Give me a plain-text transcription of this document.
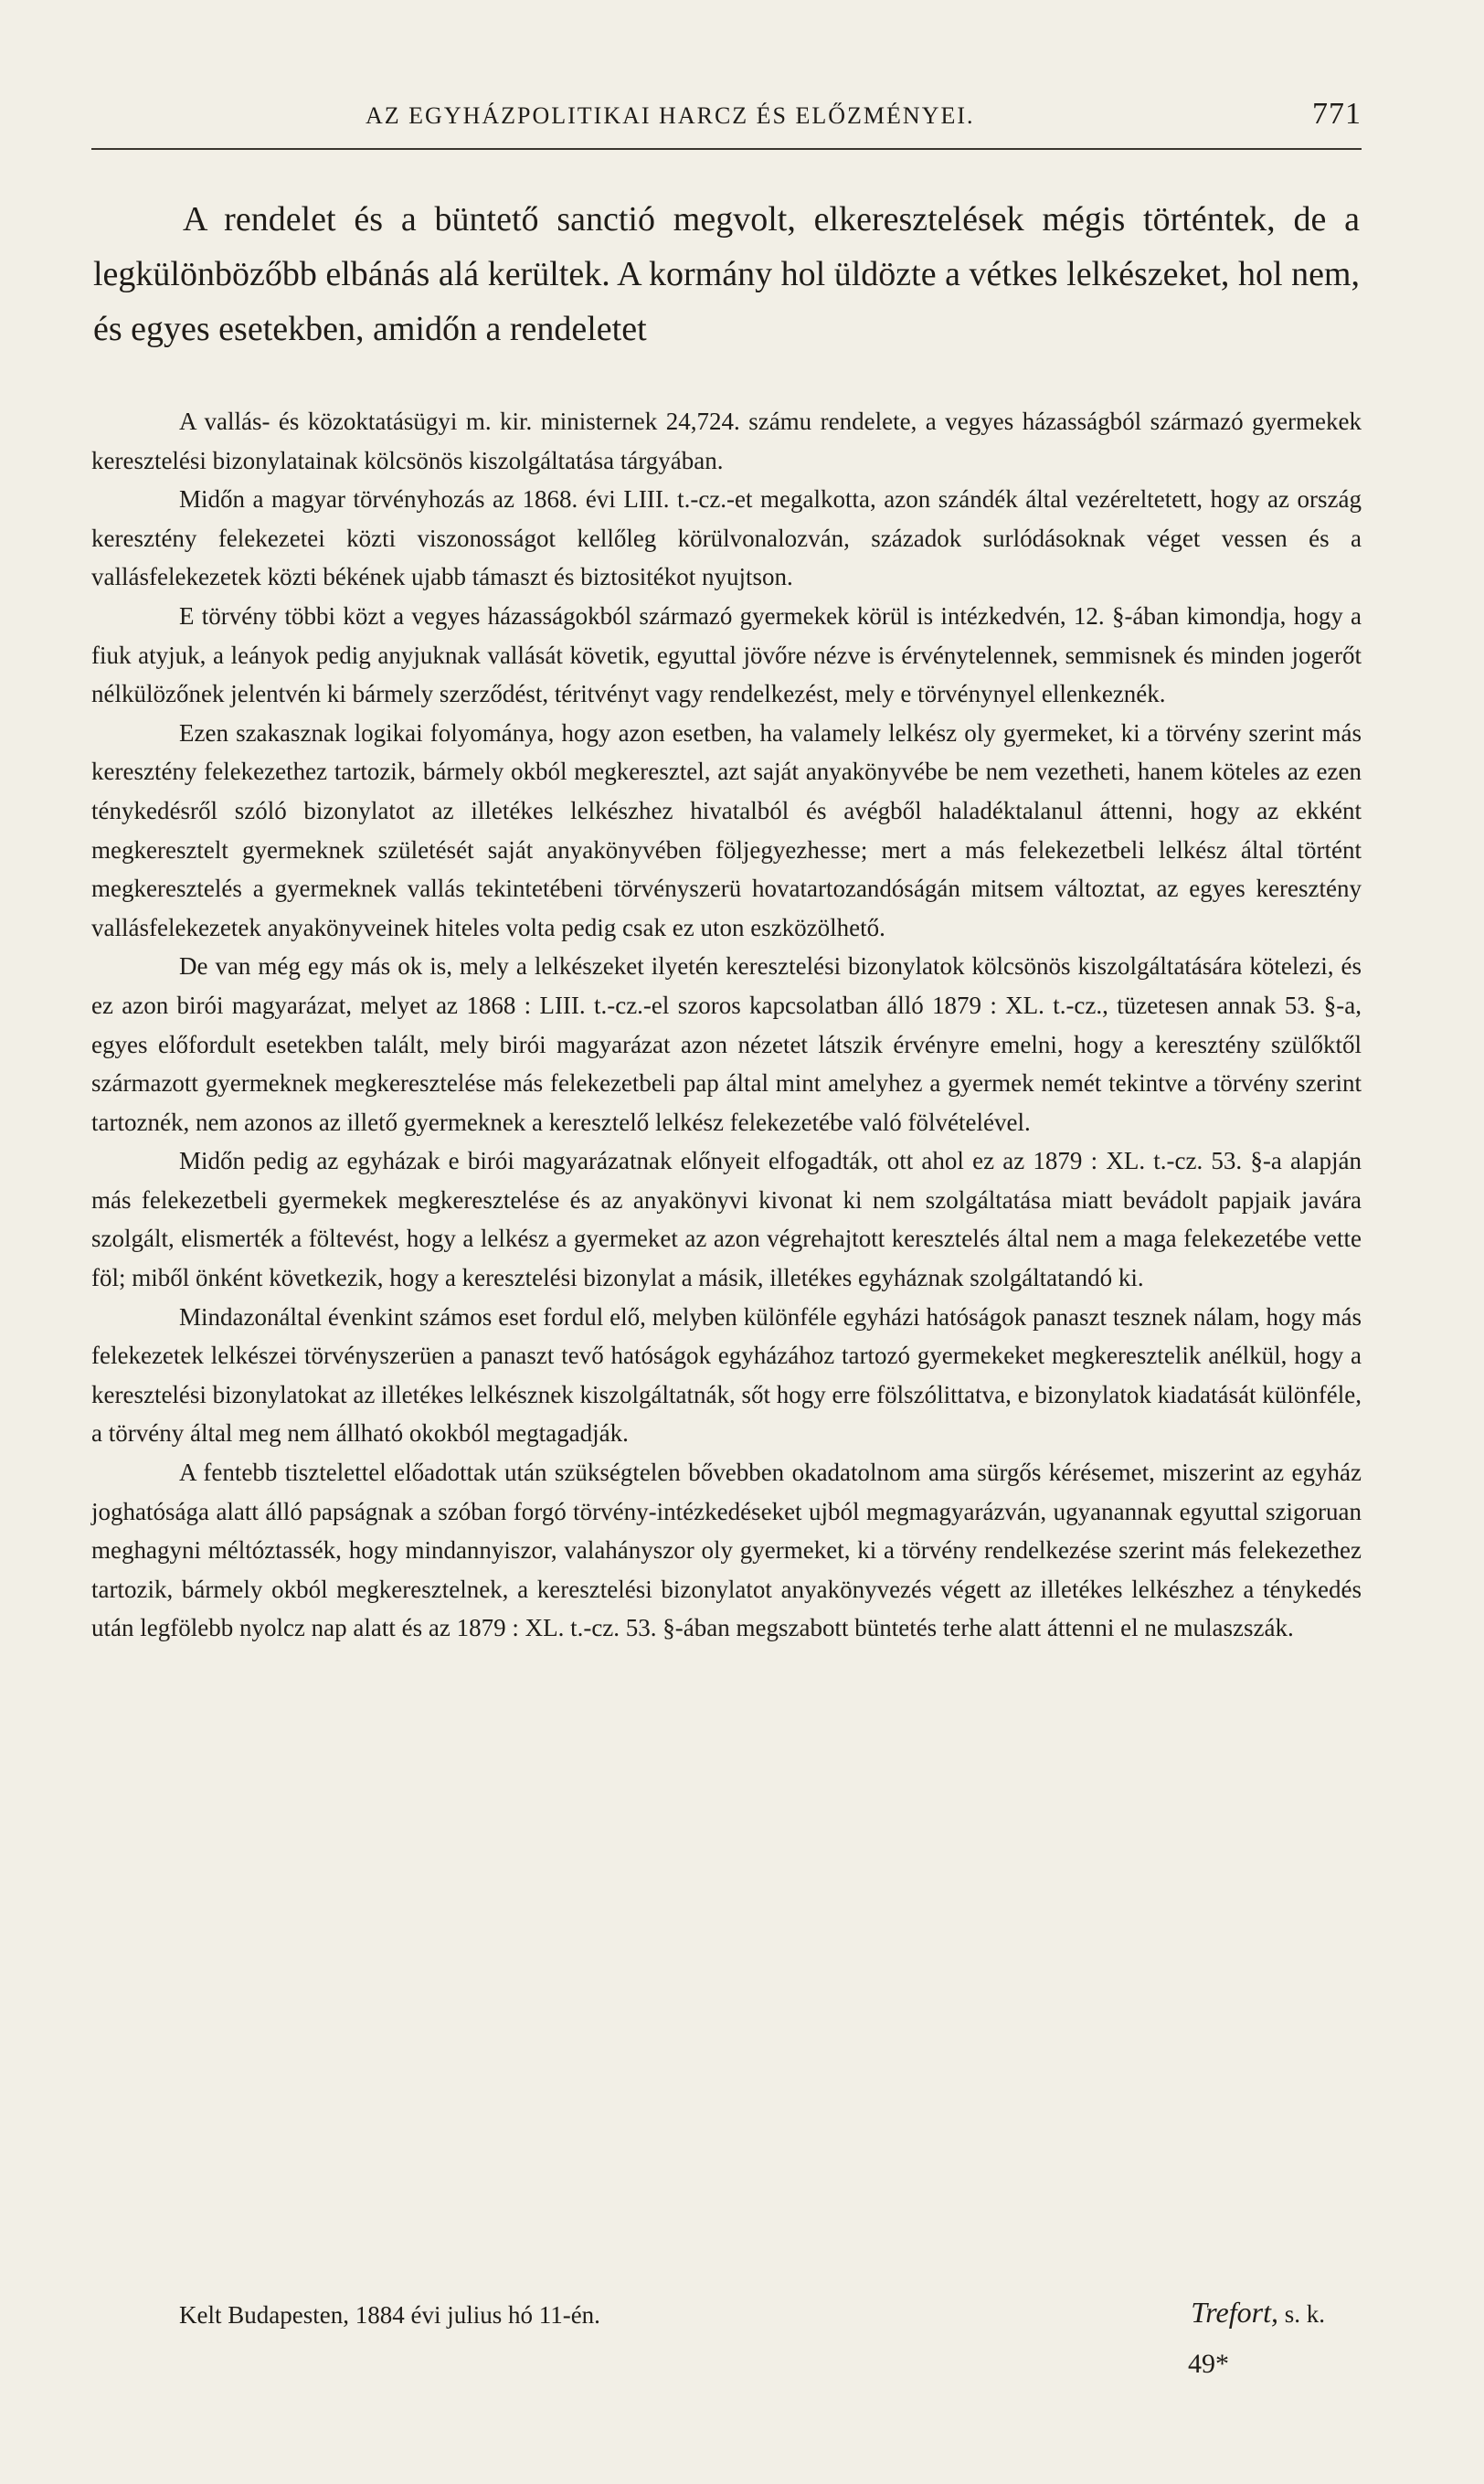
AZ EGYHÁZPOLITIKAI HARCZ ÉS ELŐZMÉNYEI.	771

A rendelet és a büntető sanctió megvolt, elkeresztelések mégis történtek, de a legkülönbözőbb elbánás alá kerültek. A kormány hol üldözte a vétkes lelkészeket, hol nem, és egyes esetekben, amidőn a rendeletet

A vallás- és közoktatásügyi m. kir. ministernek 24,724. számu rendelete, a vegyes házasságból származó gyermekek keresztelési bizonylatainak kölcsönös kiszolgáltatása tárgyában.

Midőn a magyar törvényhozás az 1868. évi LIII. t.-cz.-et megalkotta, azon szándék által vezéreltetett, hogy az ország keresztény felekezetei közti viszonosságot kellőleg körülvonalozván, századok surlódásoknak véget vessen és a vallásfelekezetek közti békének ujabb támaszt és biztositékot nyujtson.

E törvény többi közt a vegyes házasságokból származó gyermekek körül is intézkedvén, 12. §-ában kimondja, hogy a fiuk atyjuk, a leányok pedig anyjuknak vallását követik, egyuttal jövőre nézve is érvénytelennek, semmisnek és minden jogerőt nélkülözőnek jelentvén ki bármely szerződést, téritvényt vagy rendelkezést, mely e törvénynyel ellenkeznék.

Ezen szakasznak logikai folyománya, hogy azon esetben, ha valamely lelkész oly gyermeket, ki a törvény szerint más keresztény felekezethez tartozik, bármely okból megkeresztel, azt saját anyakönyvébe be nem vezetheti, hanem köteles az ezen ténykedésről szóló bizonylatot az illetékes lelkészhez hivatalból és avégből haladéktalanul áttenni, hogy az ekként megkeresztelt gyermeknek születését saját anyakönyvében följegyezhesse; mert a más felekezetbeli lelkész által történt megkeresztelés a gyermeknek vallás tekintetébeni törvényszerü hovatartozandóságán mitsem változtat, az egyes keresztény vallásfelekezetek anyakönyveinek hiteles volta pedig csak ez uton eszközölhető.

De van még egy más ok is, mely a lelkészeket ilyetén keresztelési bizonylatok kölcsönös kiszolgáltatására kötelezi, és ez azon birói magyarázat, melyet az 1868 : LIII. t.-cz.-el szoros kapcsolatban álló 1879 : XL. t.-cz., tüzetesen annak 53. §-a, egyes előfordult esetekben talált, mely birói magyarázat azon nézetet látszik érvényre emelni, hogy a keresztény szülőktől származott gyermeknek megkeresztelése más felekezetbeli pap által mint amelyhez a gyermek nemét tekintve a törvény szerint tartoznék, nem azonos az illető gyermeknek a keresztelő lelkész felekezetébe való fölvételével.

Midőn pedig az egyházak e birói magyarázatnak előnyeit elfogadták, ott ahol ez az 1879 : XL. t.-cz. 53. §-a alapján más felekezetbeli gyermekek megkeresztelése és az anyakönyvi kivonat ki nem szolgáltatása miatt bevádolt papjaik javára szolgált, elismerték a föltevést, hogy a lelkész a gyermeket az azon végrehajtott keresztelés által nem a maga felekezetébe vette föl; miből önként következik, hogy a keresztelési bizonylat a másik, illetékes egyháznak szolgáltatandó ki.

Mindazonáltal évenkint számos eset fordul elő, melyben különféle egyházi hatóságok panaszt tesznek nálam, hogy más felekezetek lelkészei törvényszerüen a panaszt tevő hatóságok egyházához tartozó gyermekeket megkeresztelik anélkül, hogy a keresztelési bizonylatokat az illetékes lelkésznek kiszolgáltatnák, sőt hogy erre fölszólittatva, e bizonylatok kiadatását különféle, a törvény által meg nem állható okokból megtagadják.

A fentebb tisztelettel előadottak után szükségtelen bővebben okadatolnom ama sürgős kérésemet, miszerint az egyház joghatósága alatt álló papságnak a szóban forgó törvény-intézkedéseket ujból megmagyarázván, ugyanannak egyuttal szigoruan meghagyni méltóztassék, hogy mindannyiszor, valahányszor oly gyermeket, ki a törvény rendelkezése szerint más felekezethez tartozik, bármely okból megkeresztelnek, a keresztelési bizonylatot anyakönyvezés végett az illetékes lelkészhez a ténykedés után legfölebb nyolcz nap alatt és az 1879 : XL. t.-cz. 53. §-ában megszabott büntetés terhe alatt áttenni el ne mulaszszák.

Kelt Budapesten, 1884 évi julius hó 11-én.	Trefort, s. k.
49*
